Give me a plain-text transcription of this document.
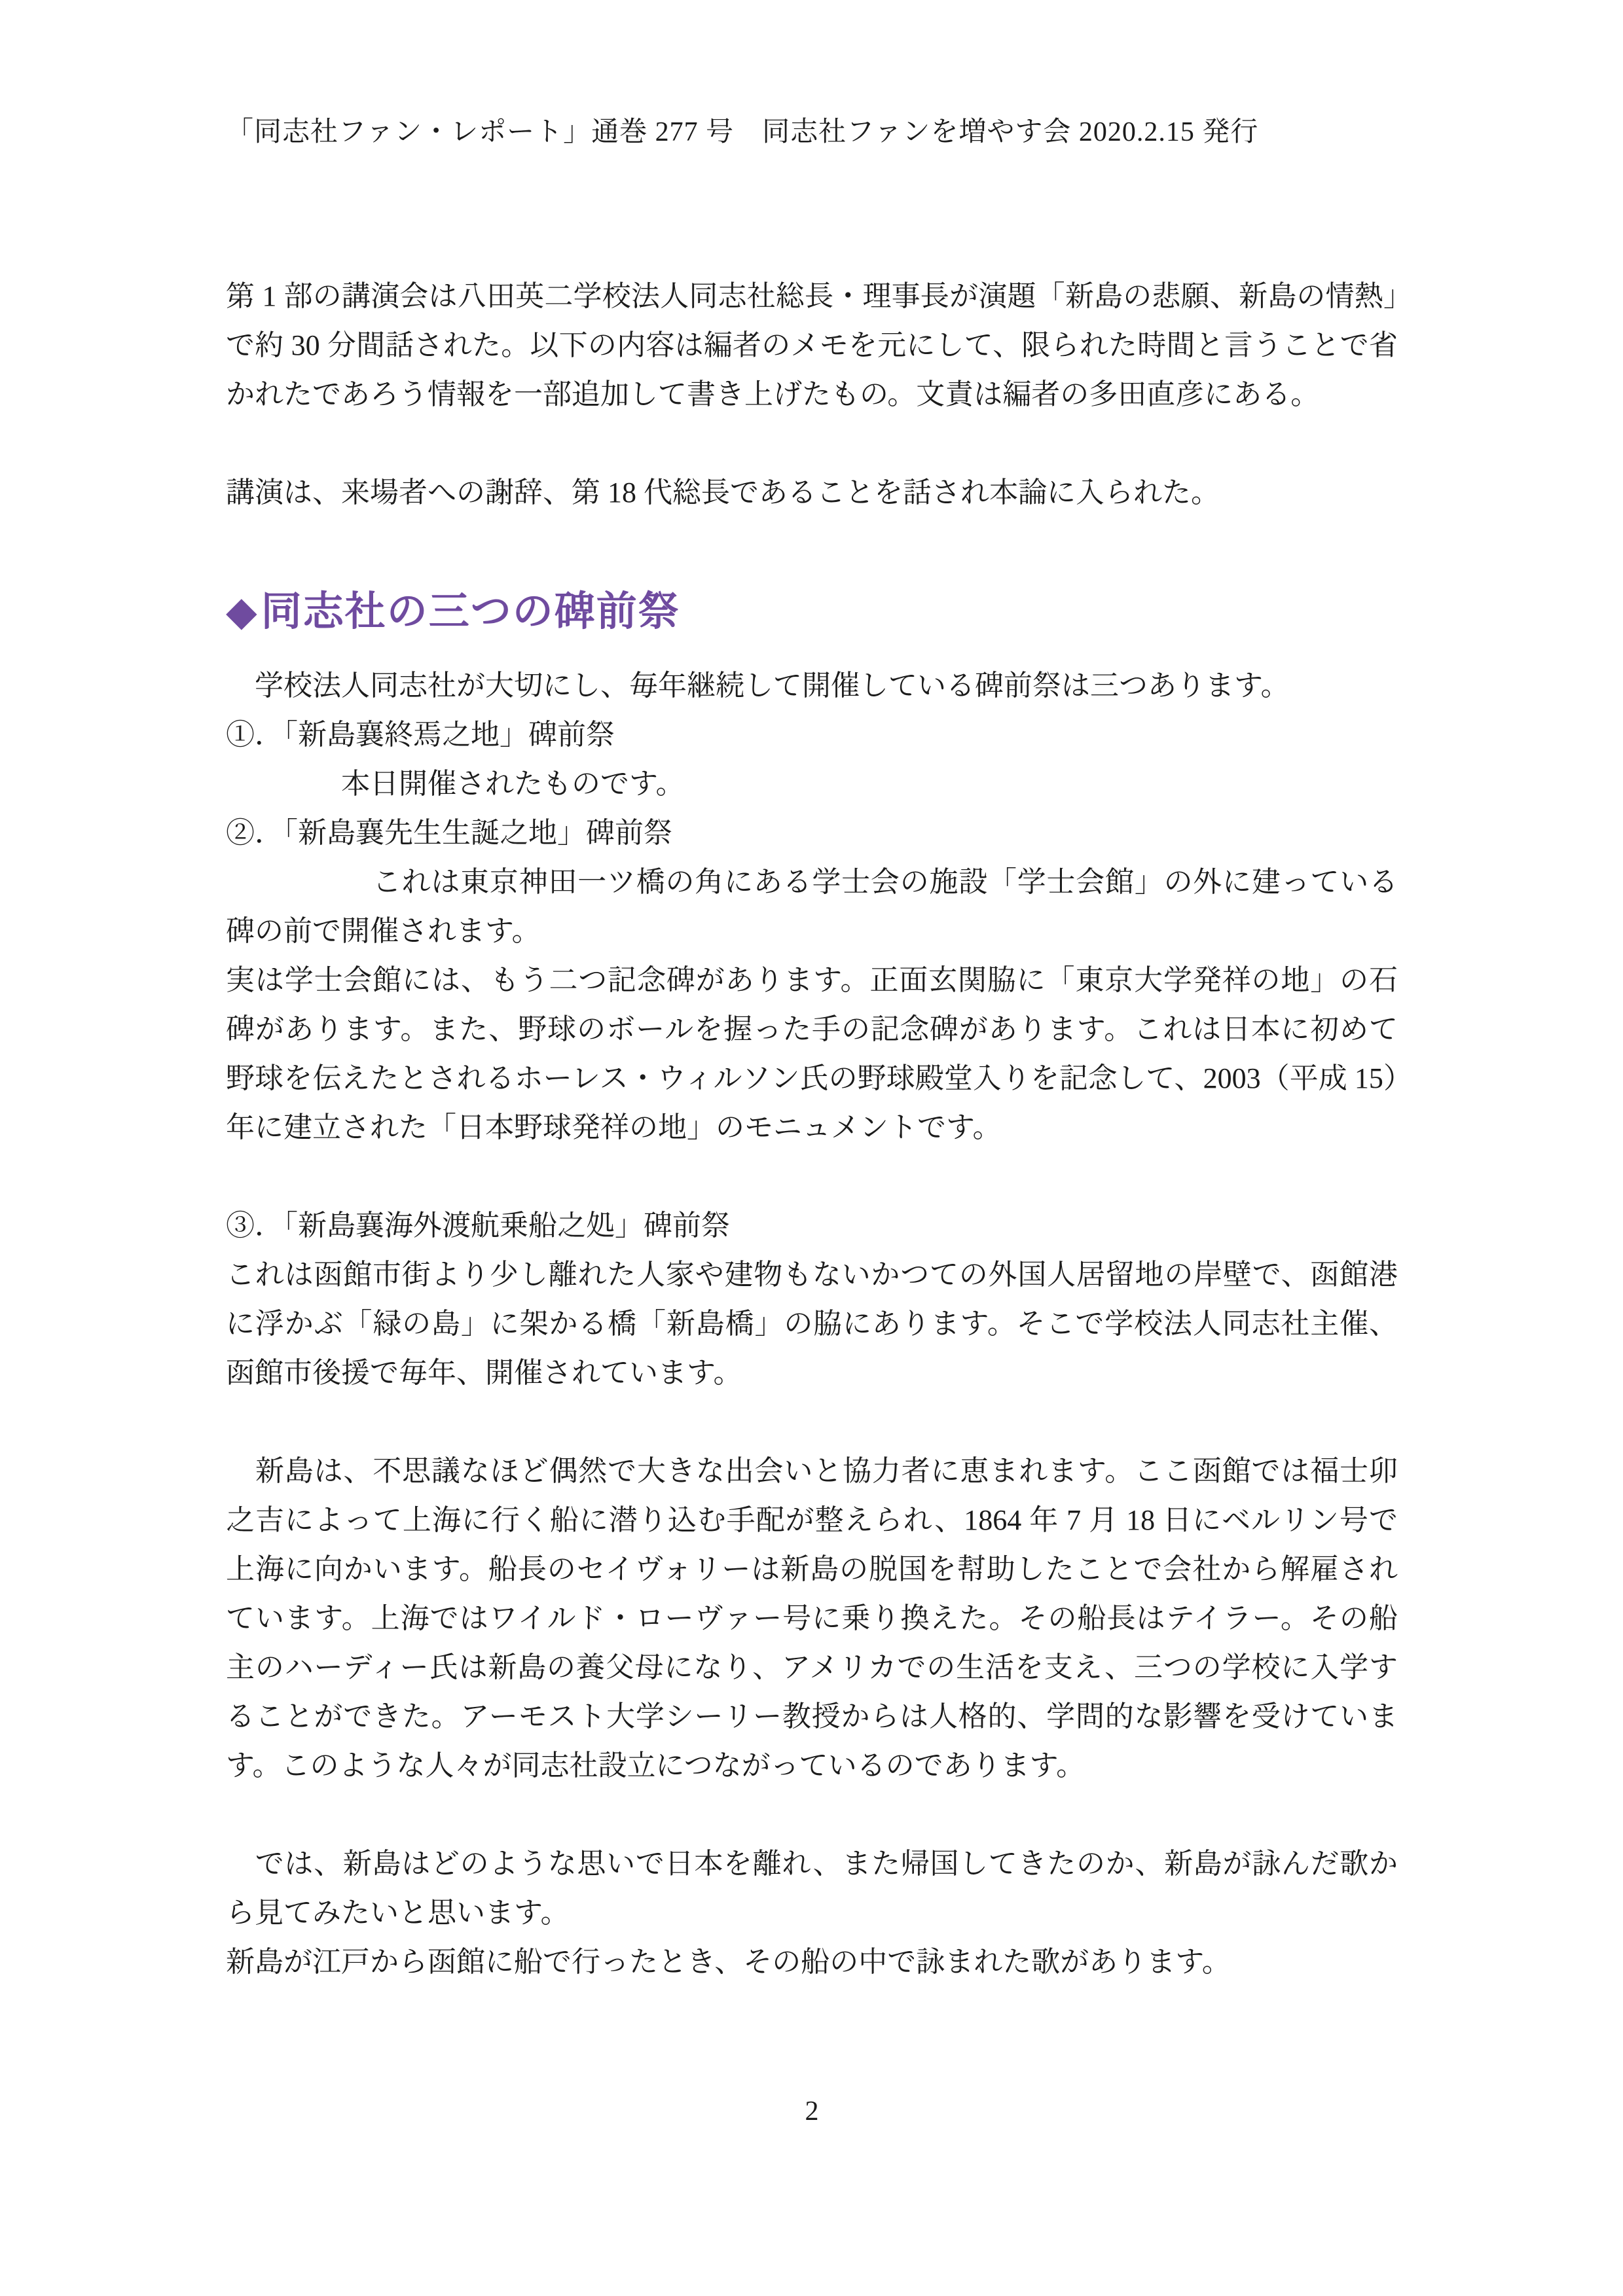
「同志社ファン・レポート」通巻 277 号　同志社ファンを増やす会 2020.2.15 発行

第 1 部の講演会は八田英二学校法人同志社総長・理事長が演題「新島の悲願、新島の情熱」で約 30 分間話された。以下の内容は編者のメモを元にして、限られた時間と言うことで省かれたであろう情報を一部追加して書き上げたもの。文責は編者の多田直彦にある。

講演は、来場者への謝辞、第 18 代総長であることを話され本論に入られた。

◆同志社の三つの碑前祭

　学校法人同志社が大切にし、毎年継続して開催している碑前祭は三つあります。

①．「新島襄終焉之地」碑前祭

　　　　本日開催されたものです。

②．「新島襄先生生誕之地」碑前祭

　　　　　これは東京神田一ツ橋の角にある学士会の施設「学士会館」の外に建っている碑の前で開催されます。

実は学士会館には、もう二つ記念碑があります。正面玄関脇に「東京大学発祥の地」の石碑があります。また、野球のボールを握った手の記念碑があります。これは日本に初めて野球を伝えたとされるホーレス・ウィルソン氏の野球殿堂入りを記念して、2003（平成 15）年に建立された「日本野球発祥の地」のモニュメントです。

③．「新島襄海外渡航乗船之処」碑前祭

これは函館市街より少し離れた人家や建物もないかつての外国人居留地の岸壁で、函館港に浮かぶ「緑の島」に架かる橋「新島橋」の脇にあります。そこで学校法人同志社主催、函館市後援で毎年、開催されています。

　新島は、不思議なほど偶然で大きな出会いと協力者に恵まれます。ここ函館では福士卯之吉によって上海に行く船に潜り込む手配が整えられ、1864 年 7 月 18 日にベルリン号で上海に向かいます。船長のセイヴォリーは新島の脱国を幇助したことで会社から解雇されています。上海ではワイルド・ローヴァー号に乗り換えた。その船長はテイラー。その船主のハーディー氏は新島の養父母になり、アメリカでの生活を支え、三つの学校に入学することができた。アーモスト大学シーリー教授からは人格的、学問的な影響を受けています。このような人々が同志社設立につながっているのであります。

　では、新島はどのような思いで日本を離れ、また帰国してきたのか、新島が詠んだ歌から見てみたいと思います。

新島が江戸から函館に船で行ったとき、その船の中で詠まれた歌があります。

2
